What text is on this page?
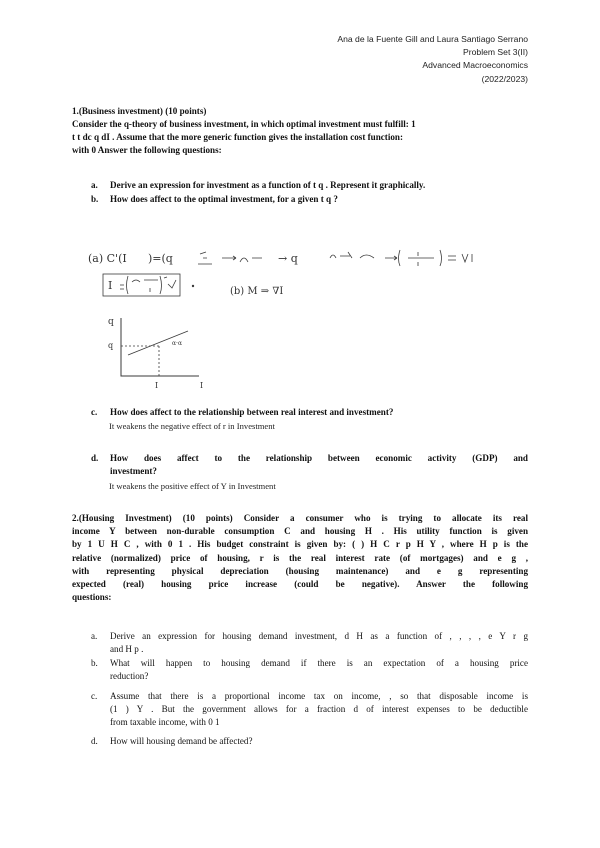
Ana de la Fuente Gill and Laura Santiago Serrano
Problem Set 3(II)
Advanced Macroeconomics
(2022/2023)
1.(Business investment) (10 points)
Consider the q-theory of business investment, in which optimal investment must fulfill: 1
t t dc q dI . Assume that the more generic function gives the installation cost function:
with 0 Answer the following questions:
a. Derive an expression for investment as a function of t q . Represent it graphically.
b. How does affect to the optimal investment, for a given t q ?
(a) C'(I )=(q	→ q
I	(b) M ⇒ ∇I
q
q	α·α
I	I
c. How does affect to the relationship between real interest and investment?
It weakens the negative effect of r in Investment
d. How does affect to the relationship between economic activity (GDP) and
investment?
It weakens the positive effect of Y in Investment
2.(Housing Investment) (10 points) Consider a consumer who is trying to allocate its real
income Y between non-durable consumption C and housing H . His utility function is given
by 1 U H C , with 0 1 . His budget constraint is given by: ( ) H C r p H Y , where H p is the
relative (normalized) price of housing, r is the real interest rate (of mortgages) and e g ,
with representing physical depreciation (housing maintenance) and e g representing
expected (real) housing price increase (could be negative). Answer the following
questions:
a. Derive an expression for housing demand investment, d H as a function of , , , , e Y r g
and H p .
b. What will happen to housing demand if there is an expectation of a housing price
reduction?
c. Assume that there is a proportional income tax on income, , so that disposable income is
(1 ) Y . But the government allows for a fraction d of interest expenses to be deductible
from taxable income, with 0 1
d. How will housing demand be affected?
